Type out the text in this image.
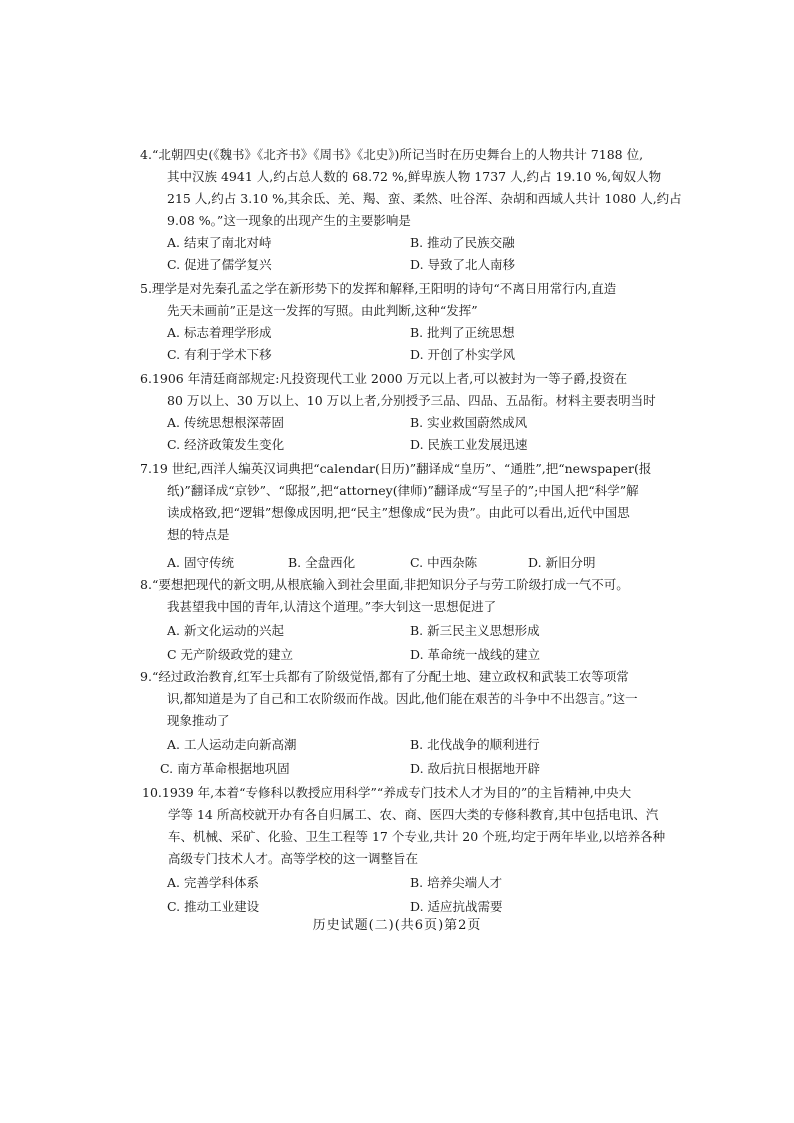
4.“北朝四史(《魏书》《北齐书》《周书》《北史》)所记当时在历史舞台上的人物共计 7188 位,
其中汉族 4941 人,约占总人数的 68.72 %,鲜卑族人物 1737 人,约占 19.10 %,匈奴人物
215 人,约占 3.10 %,其余氐、羌、羯、蛮、柔然、吐谷浑、杂胡和西域人共计 1080 人,约占
9.08 %。”这一现象的出现产生的主要影响是
A. 结束了南北对峙	B. 推动了民族交融
C. 促进了儒学复兴	D. 导致了北人南移
5.理学是对先秦孔孟之学在新形势下的发挥和解释,王阳明的诗句“不离日用常行内,直造
先天未画前”正是这一发挥的写照。由此判断,这种“发挥”
A. 标志着理学形成	B. 批判了正统思想
C. 有利于学术下移	D. 开创了朴实学风
6.1906 年清廷商部规定:凡投资现代工业 2000 万元以上者,可以被封为一等子爵,投资在
80 万以上、30 万以上、10 万以上者,分别授予三品、四品、五品衔。材料主要表明当时
A. 传统思想根深蒂固	B. 实业救国蔚然成风
C. 经济政策发生变化	D. 民族工业发展迅速
7.19 世纪,西洋人编英汉词典把“calendar(日历)”翻译成“皇历”、“通胜”,把“newspaper(报
纸)”翻译成“京钞”、“邸报”,把“attorney(律师)”翻译成“写呈子的”;中国人把“科学”解
读成格致,把“逻辑”想像成因明,把“民主”想像成“民为贵”。由此可以看出,近代中国思
想的特点是
A. 固守传统	B. 全盘西化	C. 中西杂陈	D. 新旧分明
8.“要想把现代的新文明,从根底输入到社会里面,非把知识分子与劳工阶级打成一气不可。
我甚望我中国的青年,认清这个道理。”李大钊这一思想促进了
A. 新文化运动的兴起	B. 新三民主义思想形成
C 无产阶级政党的建立	D. 革命统一战线的建立
9.“经过政治教育,红军士兵都有了阶级觉悟,都有了分配土地、建立政权和武装工农等项常
识,都知道是为了自己和工农阶级而作战。因此,他们能在艰苦的斗争中不出怨言。”这一
现象推动了
A. 工人运动走向新高潮	B. 北伐战争的顺利进行
C. 南方革命根据地巩固	D. 敌后抗日根据地开辟
10.1939 年,本着“专修科以教授应用科学”“养成专门技术人才为目的”的主旨精神,中央大
学等 14 所高校就开办有各自归属工、农、商、医四大类的专修科教育,其中包括电讯、汽
车、机械、采矿、化验、卫生工程等 17 个专业,共计 20 个班,均定于两年毕业,以培养各种
高级专门技术人才。高等学校的这一调整旨在
A. 完善学科体系	B. 培养尖端人才
C. 推动工业建设	D. 适应抗战需要
历史试题(二)(共6页)第2页
